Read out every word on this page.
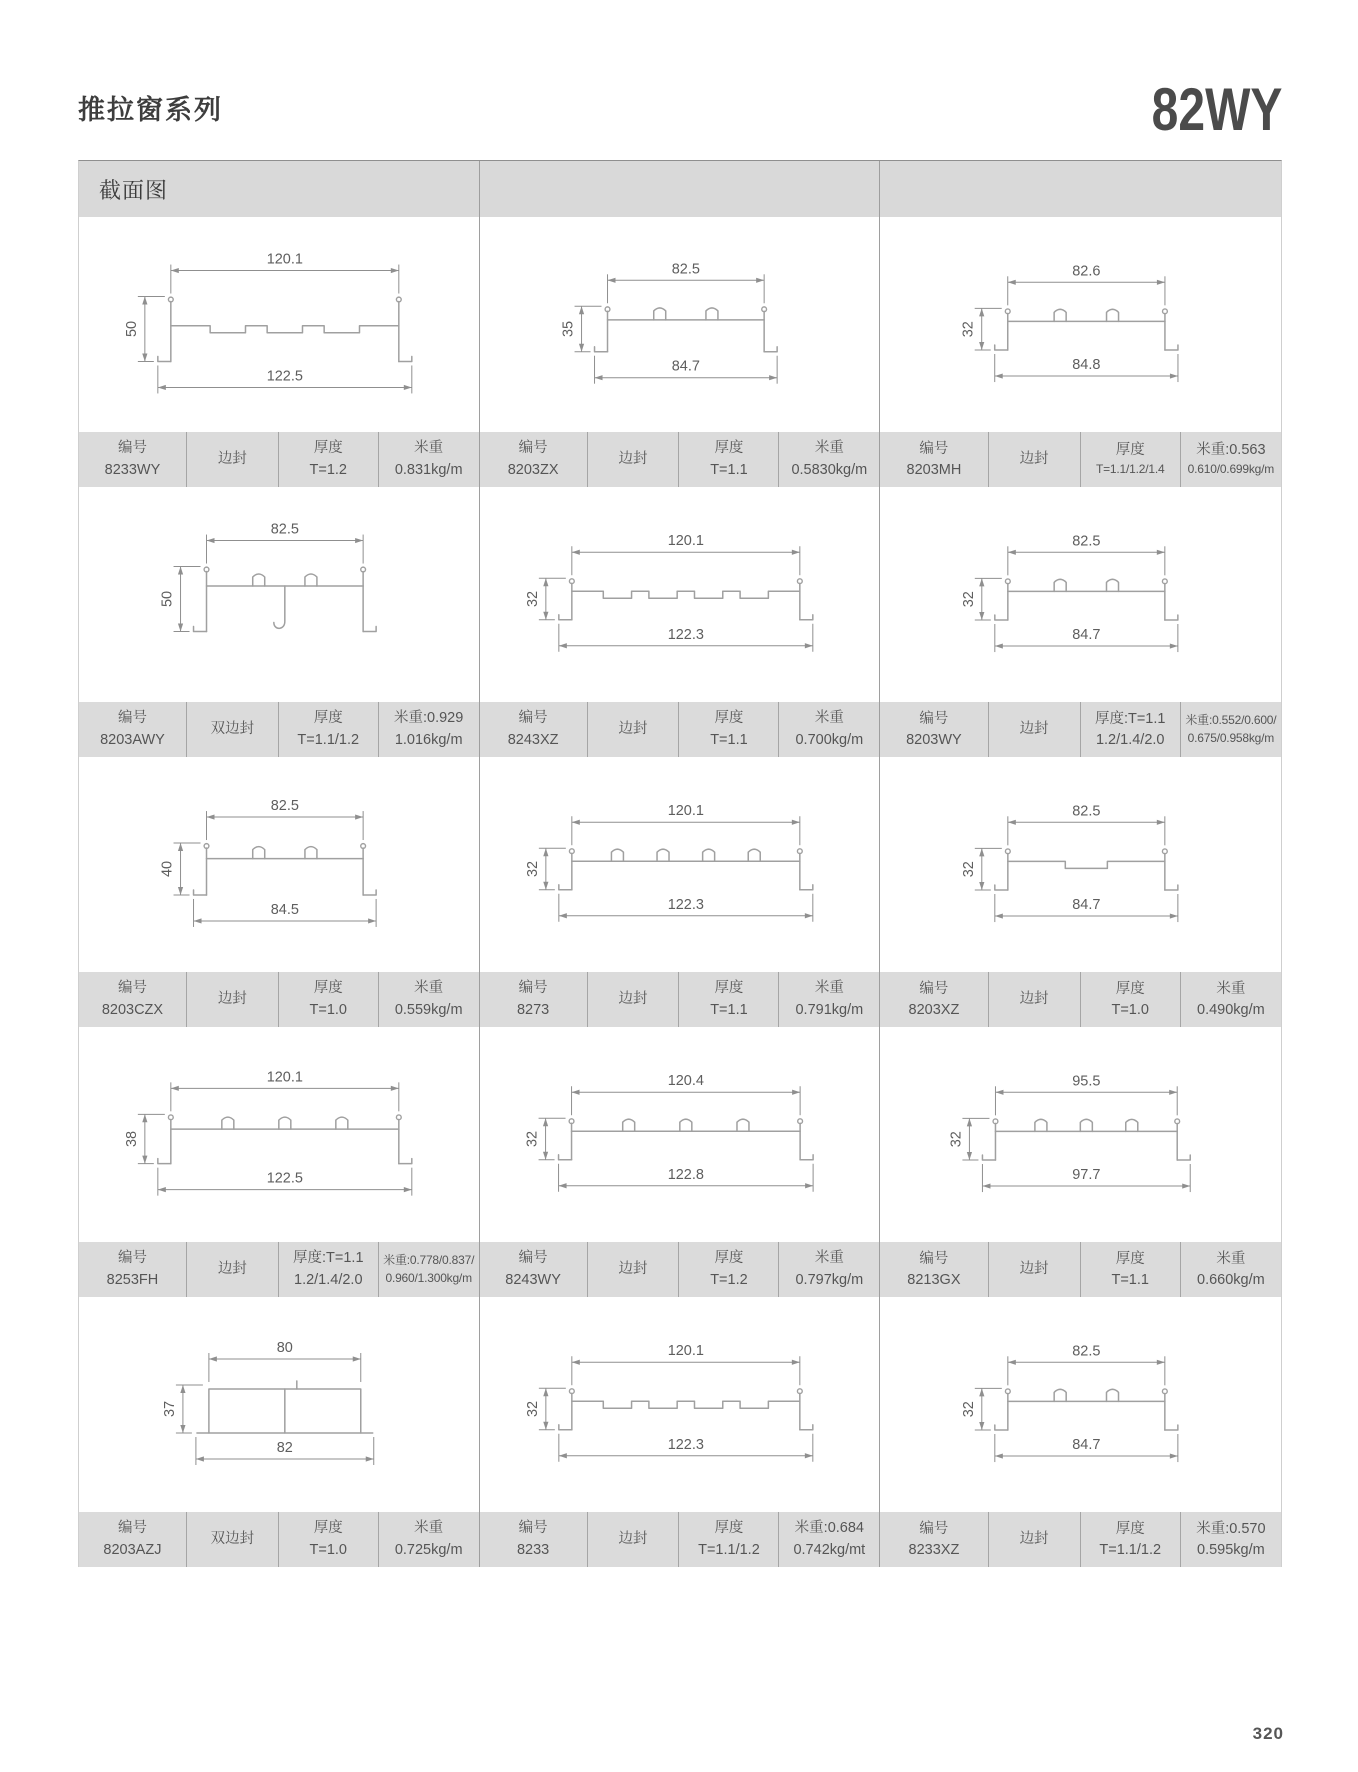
推拉窗系列	82WY
截面图
120.1
50
122.5
编号
8233WY
边封
厚度
T=1.2
米重
0.831kg/m
82.5
35
84.7
编号
8203ZX
边封
厚度
T=1.1
米重
0.5830kg/m
82.6
32
84.8
编号
8203MH
边封
厚度
T=1.1/1.2/1.4
米重:0.563
0.610/0.699kg/m
82.5
50
编号
8203AWY
双边封
厚度
T=1.1/1.2
米重:0.929
1.016kg/m
120.1
32
122.3
编号
8243XZ
边封
厚度
T=1.1
米重
0.700kg/m
82.5
32
84.7
编号
8203WY
边封
厚度:T=1.1
1.2/1.4/2.0
米重:0.552/0.600/
0.675/0.958kg/m
82.5
40
84.5
编号
8203CZX
边封
厚度
T=1.0
米重
0.559kg/m
120.1
32
122.3
编号
8273
边封
厚度
T=1.1
米重
0.791kg/m
82.5
32
84.7
编号
8203XZ
边封
厚度
T=1.0
米重
0.490kg/m
120.1
38
122.5
编号
8253FH
边封
厚度:T=1.1
1.2/1.4/2.0
米重:0.778/0.837/
0.960/1.300kg/m
120.4
32
122.8
编号
8243WY
边封
厚度
T=1.2
米重
0.797kg/m
95.5
32
97.7
编号
8213GX
边封
厚度
T=1.1
米重
0.660kg/m
80
37
82
编号
8203AZJ
双边封
厚度
T=1.0
米重
0.725kg/m
120.1
32
122.3
编号
8233
边封
厚度
T=1.1/1.2
米重:0.684
0.742kg/mt
82.5
32
84.7
编号
8233XZ
边封
厚度
T=1.1/1.2
米重:0.570
0.595kg/m
320
